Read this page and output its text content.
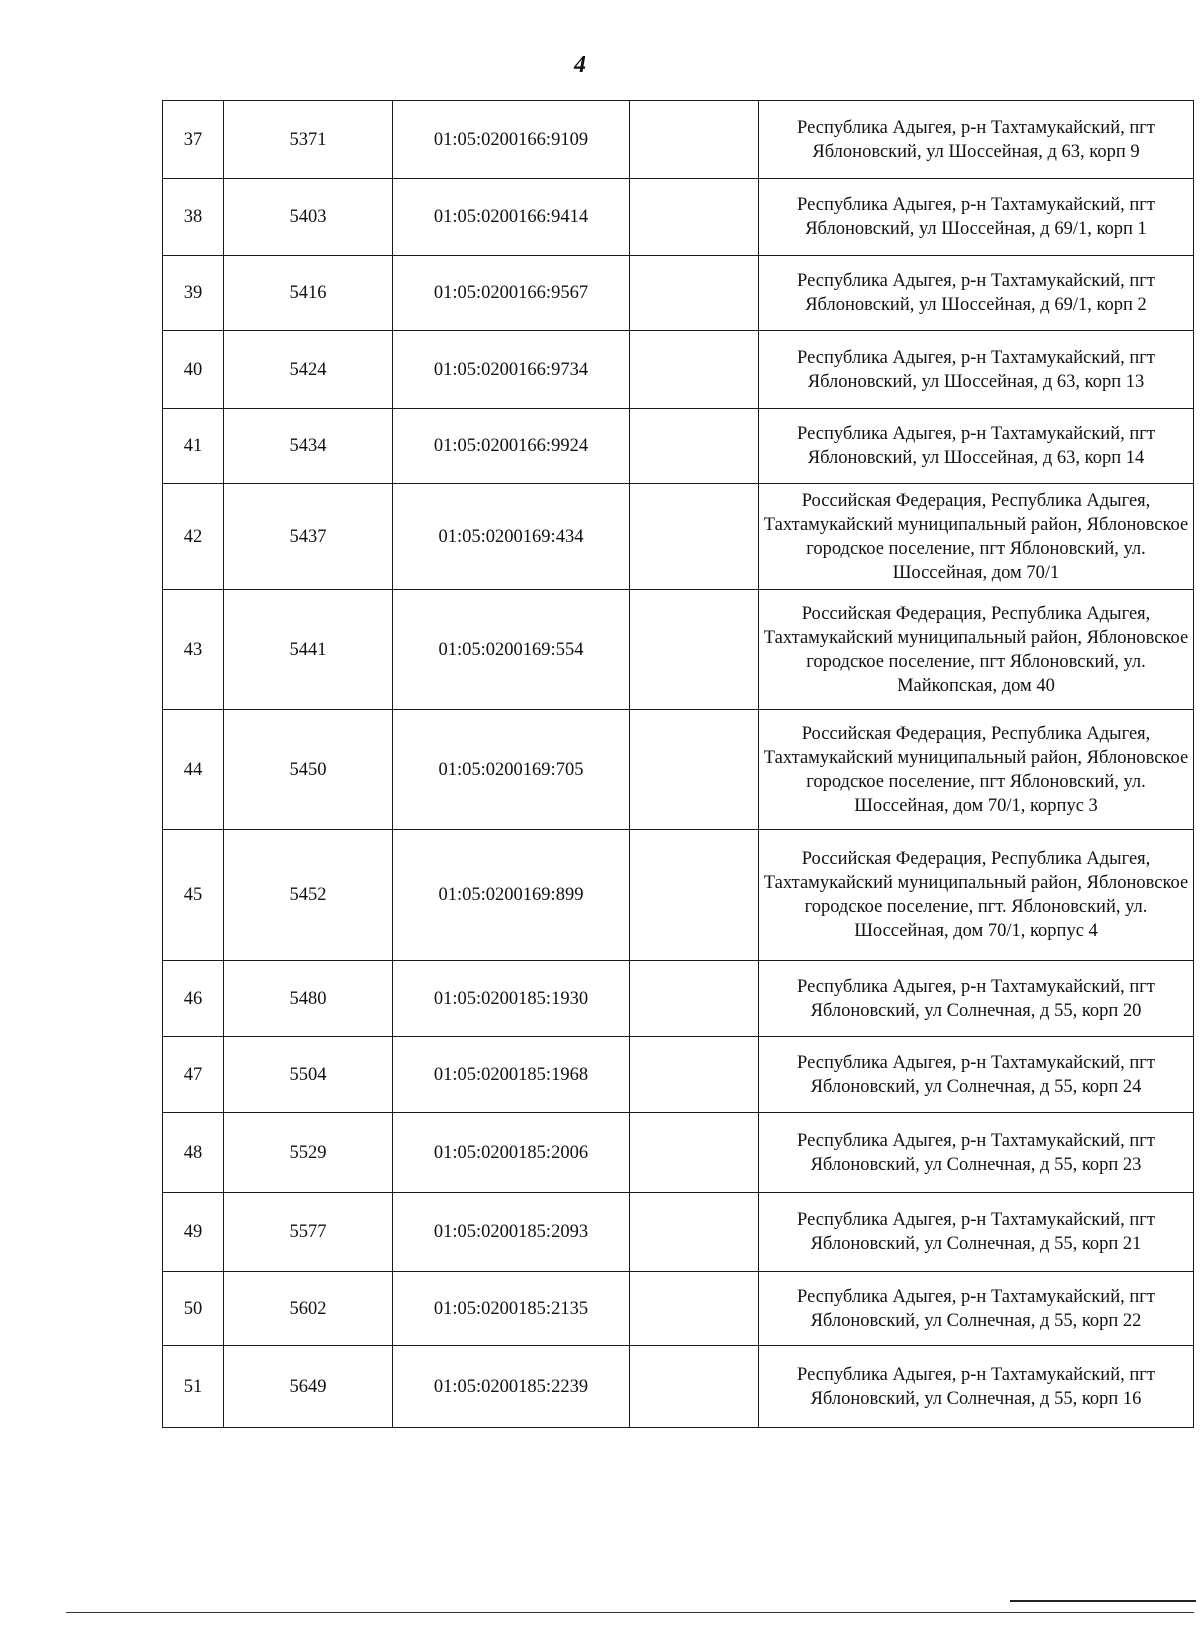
4
37	5371	01:05:0200166:9109		Республика Адыгея, р-н Тахтамукайский, пгт Яблоновский, ул Шоссейная, д 63, корп 9
38	5403	01:05:0200166:9414		Республика Адыгея, р-н Тахтамукайский, пгт Яблоновский, ул Шоссейная, д 69/1, корп 1
39	5416	01:05:0200166:9567		Республика Адыгея, р-н Тахтамукайский, пгт Яблоновский, ул Шоссейная, д 69/1, корп 2
40	5424	01:05:0200166:9734		Республика Адыгея, р-н Тахтамукайский, пгт Яблоновский, ул Шоссейная, д 63, корп 13
41	5434	01:05:0200166:9924		Республика Адыгея, р-н Тахтамукайский, пгт Яблоновский, ул Шоссейная, д 63, корп 14
42	5437	01:05:0200169:434		Российская Федерация, Республика Адыгея, Тахтамукайский муниципальный район, Яблоновское городское поселение, пгт Яблоновский, ул. Шоссейная, дом 70/1
43	5441	01:05:0200169:554		Российская Федерация, Республика Адыгея, Тахтамукайский муниципальный район, Яблоновское городское поселение, пгт Яблоновский, ул. Майкопская, дом 40
44	5450	01:05:0200169:705		Российская Федерация, Республика Адыгея, Тахтамукайский муниципальный район, Яблоновское городское поселение, пгт Яблоновский, ул. Шоссейная, дом 70/1, корпус 3
45	5452	01:05:0200169:899		Российская Федерация, Республика Адыгея, Тахтамукайский муниципальный район, Яблоновское городское поселение, пгт. Яблоновский, ул. Шоссейная, дом 70/1, корпус 4
46	5480	01:05:0200185:1930		Республика Адыгея, р-н Тахтамукайский, пгт Яблоновский, ул Солнечная, д 55, корп 20
47	5504	01:05:0200185:1968		Республика Адыгея, р-н Тахтамукайский, пгт Яблоновский, ул Солнечная, д 55, корп 24
48	5529	01:05:0200185:2006		Республика Адыгея, р-н Тахтамукайский, пгт Яблоновский, ул Солнечная, д 55, корп 23
49	5577	01:05:0200185:2093		Республика Адыгея, р-н Тахтамукайский, пгт Яблоновский, ул Солнечная, д 55, корп 21
50	5602	01:05:0200185:2135		Республика Адыгея, р-н Тахтамукайский, пгт Яблоновский, ул Солнечная, д 55, корп 22
51	5649	01:05:0200185:2239		Республика Адыгея, р-н Тахтамукайский, пгт Яблоновский, ул Солнечная, д 55, корп 16
